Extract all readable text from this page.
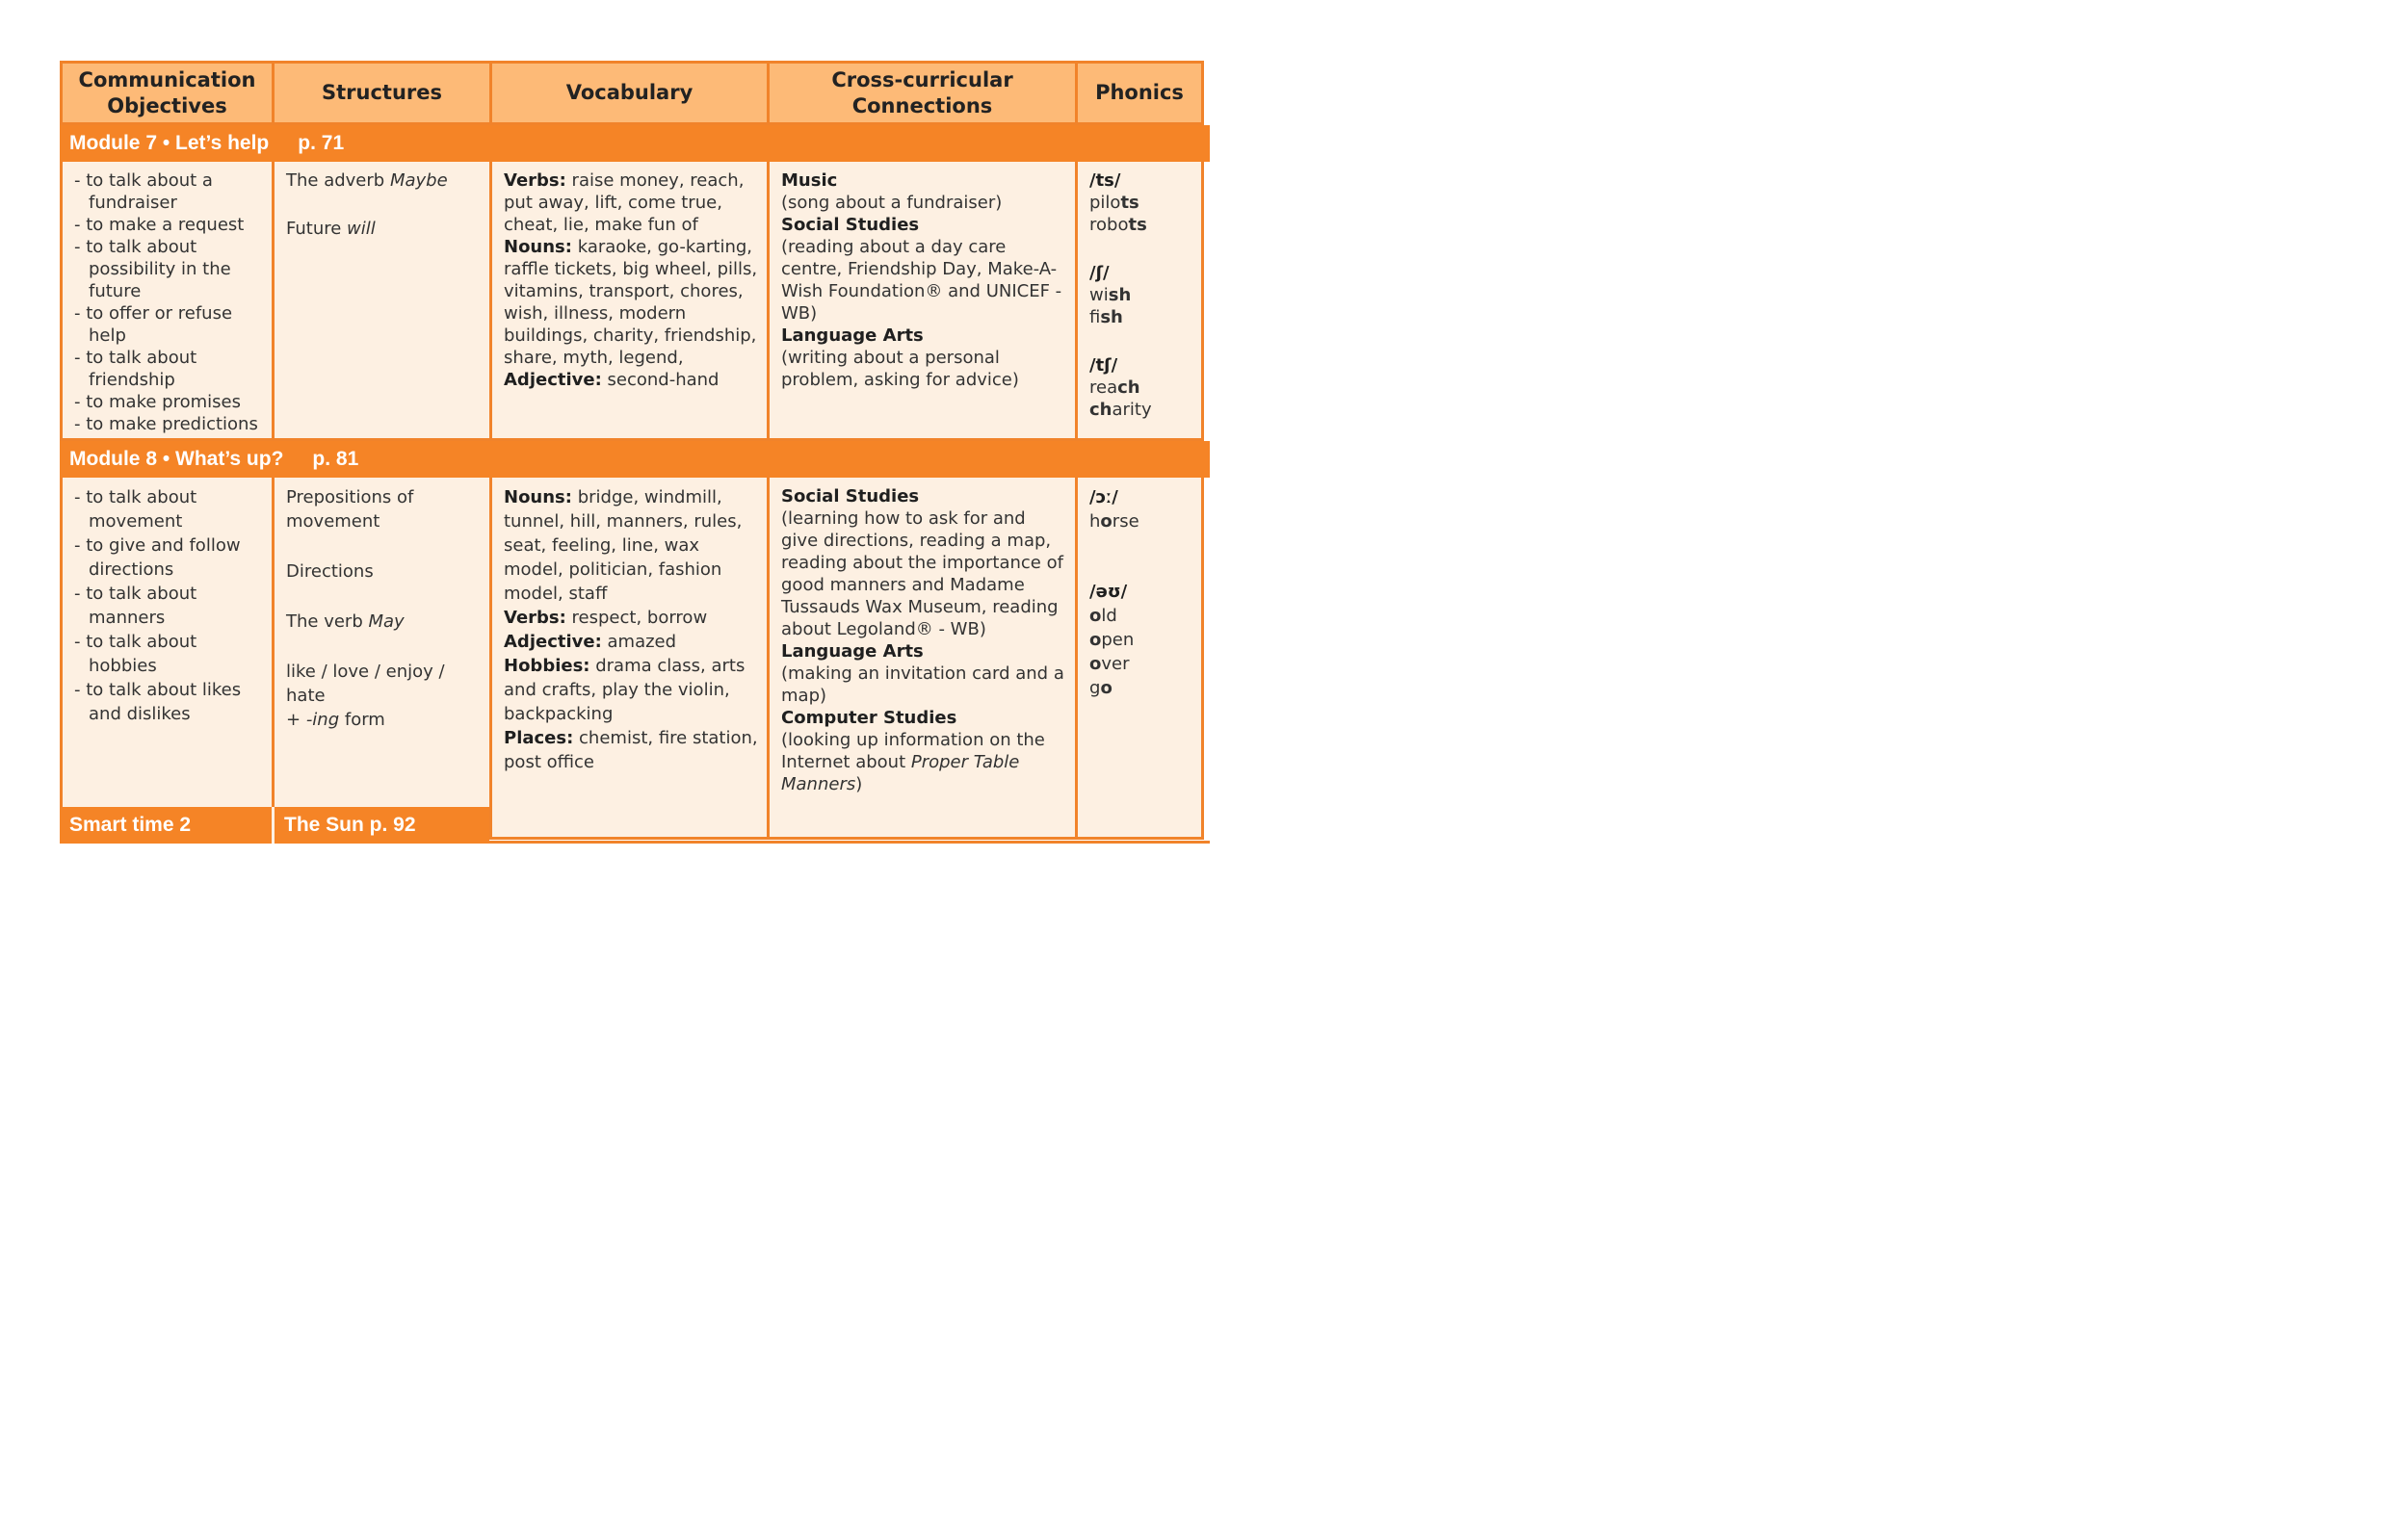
Communication
Objectives
Structures	Vocabulary
Cross-curricular
Connections
Phonics
Module 7 • Let’s help p. 71
- to talk about a fundraiser
- to make a request
- to talk about possibility in the future
- to offer or refuse help
- to talk about friendship
- to make promises
- to make predictions
The adverb Maybe
Future will
Verbs: raise money, reach, put away, lift, come true, cheat, lie, make fun of
Nouns: karaoke, go-karting, raffle tickets, big wheel, pills, vitamins, transport, chores, wish, illness, modern buildings, charity, friendship, share, myth, legend,
Adjective: second-hand
Music
(song about a fundraiser)
Social Studies
(reading about a day care centre, Friendship Day, Make-A-Wish Foundation® and UNICEF - WB)
Language Arts
(writing about a personal problem, asking for advice)
/ts/
pilots
robots
/ʃ/
wish
fish
/tʃ/
reach
charity
Module 8 • What’s up? p. 81
- to talk about movement
- to give and follow directions
- to talk about manners
- to talk about hobbies
- to talk about likes and dislikes
Prepositions of movement
Directions
The verb May
like / love / enjoy / hate
+ -ing form
Nouns: bridge, windmill, tunnel, hill, manners, rules, seat, feeling, line, wax model, politician, fashion model, staff
Verbs: respect, borrow
Adjective: amazed
Hobbies: drama class, arts and crafts, play the violin, backpacking
Places: chemist, fire station, post office
Social Studies
(learning how to ask for and give directions, reading a map, reading about the importance of good manners and Madame Tussauds Wax Museum, reading about Legoland® - WB)
Language Arts
(making an invitation card and a map)
Computer Studies
(looking up information on the Internet about Proper Table Manners)
/ɔː/
horse
/əʊ/
old
open
over
go
Smart time 2	The Sun p. 92
